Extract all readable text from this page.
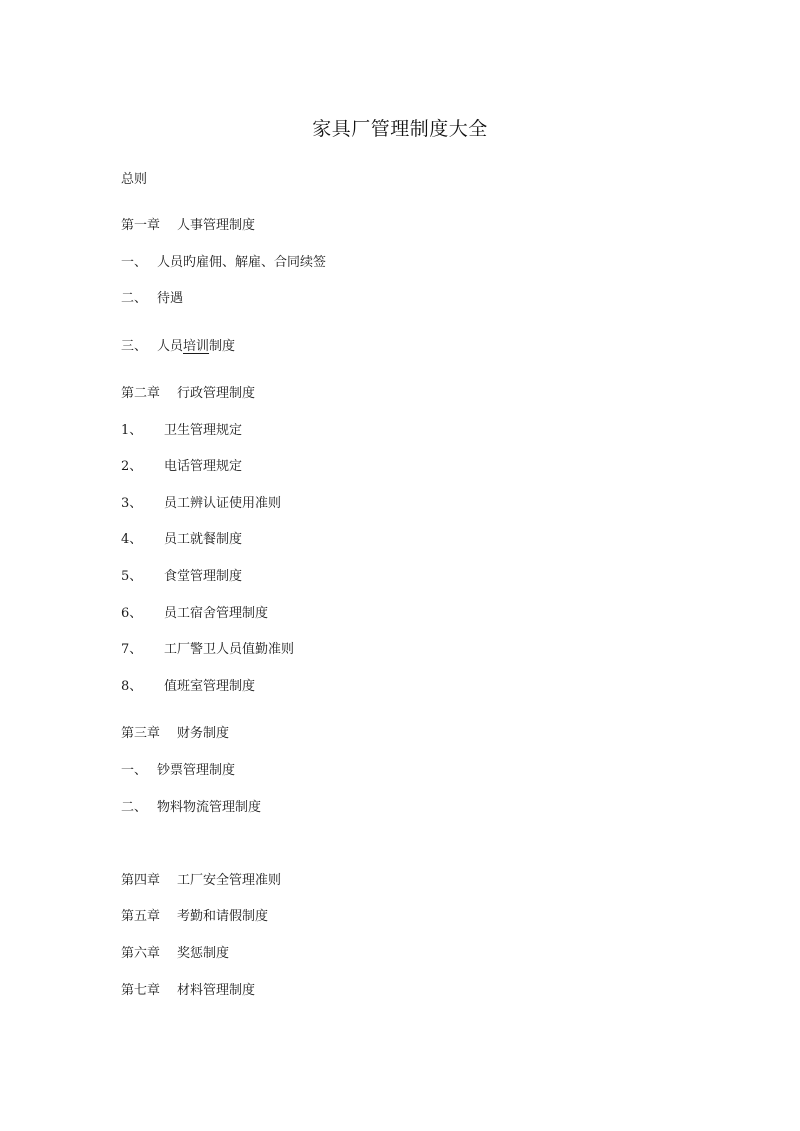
家具厂管理制度大全
总则
第一章 人事管理制度
一、 人员旳雇佣、解雇、合同续签
二、 待遇
三、 人员培训制度
第二章 行政管理制度
1、 卫生管理规定
2、 电话管理规定
3、 员工辨认证使用准则
4、 员工就餐制度
5、 食堂管理制度
6、 员工宿舍管理制度
7、 工厂警卫人员值勤准则
8、 值班室管理制度
第三章 财务制度
一、 钞票管理制度
二、 物料物流管理制度
第四章 工厂安全管理准则
第五章 考勤和请假制度
第六章 奖惩制度
第七章 材料管理制度
